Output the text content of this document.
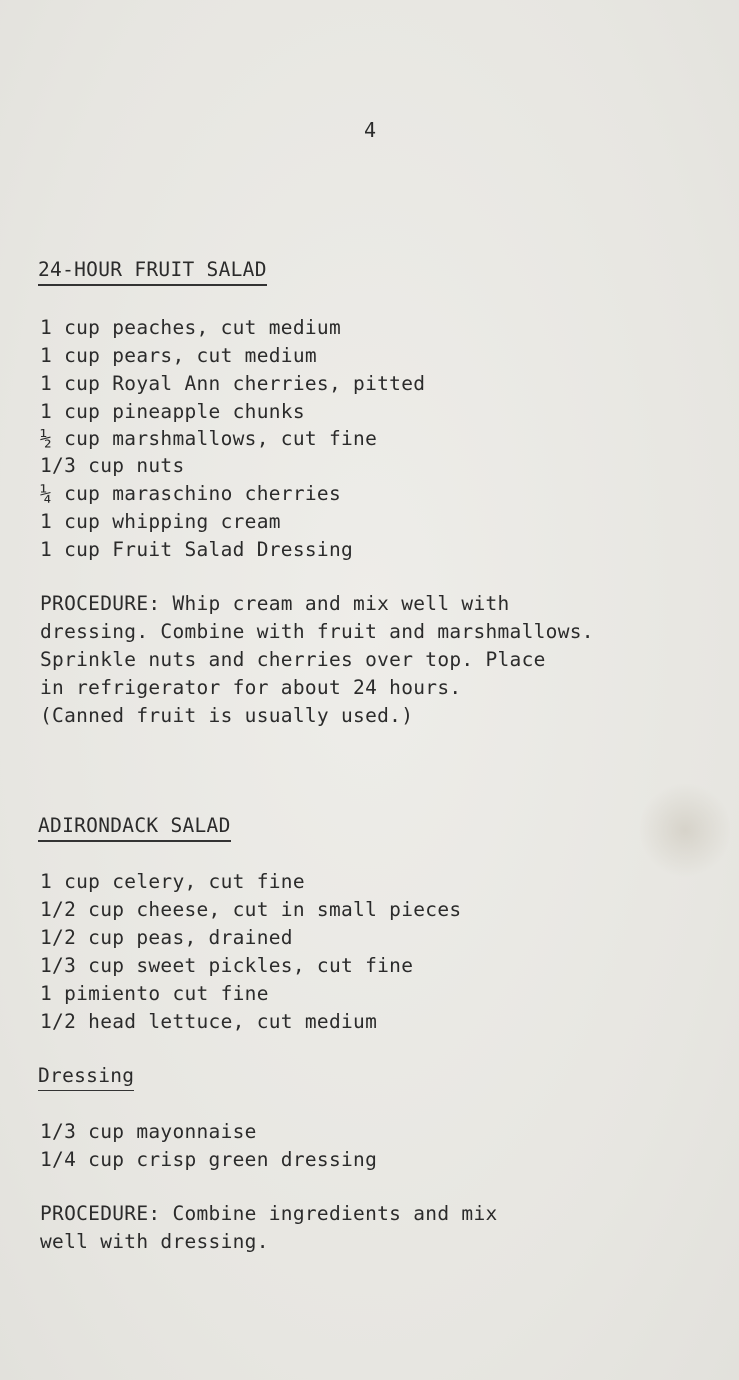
4
24-HOUR FRUIT SALAD
1 cup peaches, cut medium
1 cup pears, cut medium
1 cup Royal Ann cherries, pitted
1 cup pineapple chunks
½ cup marshmallows, cut fine
1/3 cup nuts
¼ cup maraschino cherries
1 cup whipping cream
1 cup Fruit Salad Dressing
PROCEDURE: Whip cream and mix well with
dressing. Combine with fruit and marshmallows.
Sprinkle nuts and cherries over top. Place
in refrigerator for about 24 hours.
(Canned fruit is usually used.)
ADIRONDACK SALAD
1 cup celery, cut fine
1/2 cup cheese, cut in small pieces
1/2 cup peas, drained
1/3 cup sweet pickles, cut fine
1 pimiento cut fine
1/2 head lettuce, cut medium
Dressing
1/3 cup mayonnaise
1/4 cup crisp green dressing
PROCEDURE: Combine ingredients and mix
well with dressing.
